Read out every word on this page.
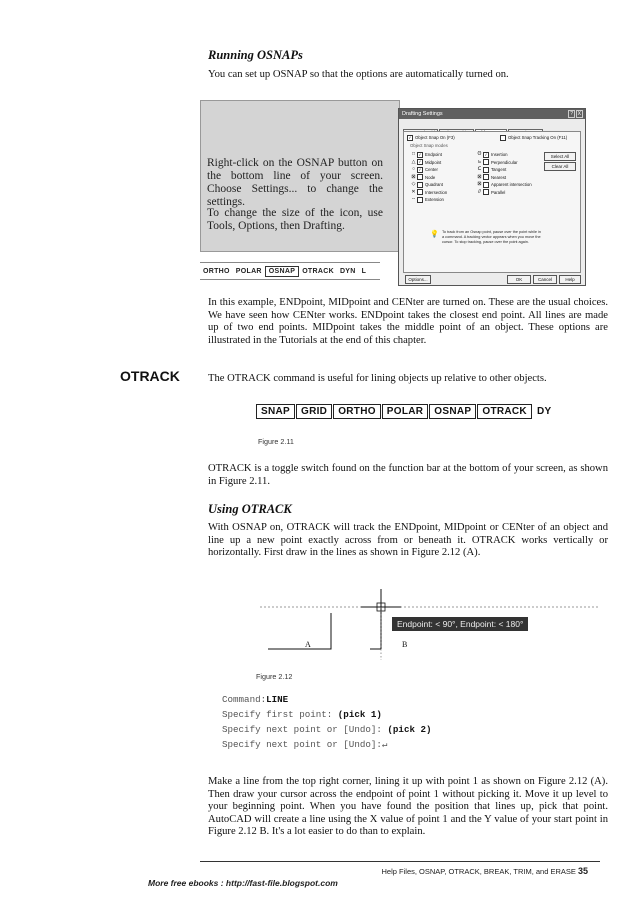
Running OSNAPs
You can set up OSNAP so that the options are automatically turned on.
Right-click on the OSNAP button on the bottom line of your screen. Choose Settings... to change the settings.
To change the size of the icon, use Tools, Options, then Drafting.
Drafting Settings	? X
✓ Object Snap On (F3)	Object Snap Tracking On (F11)
Object Snap modes
□ ✓ Endpoint
△ ✓ Midpoint
○ ✓ Center
⊠	Node
◇	Quadrant
✕	Intersection
--	Extension
ʘ ✓ Insertion
ь	Perpendicular
ᑕ	Tangent
⊠	Nearest
⊠	Apparent intersection
//	Parallel
Select All
Clear All
💡 To track from an Osnap point, pause over the point while in a command. A tracking vector appears when you move the cursor. To stop tracking, pause over the point again.
Options...	OK	Cancel	Help
ORTHO POLAR	OSNAP	OTRACK DYN L
In this example, ENDpoint, MIDpoint and CENter are turned on. These are the usual choices. We have seen how CENter works. ENDpoint takes the closest end point. All lines are made up of two end points. MIDpoint takes the middle point of an object. These options are illustrated in the Tutorials at the end of this chapter.
OTRACK	The OTRACK command is useful for lining objects up relative to other objects.
SNAP	GRID	ORTHO	POLAR	OSNAP	OTRACK	DY
Figure 2.11
OTRACK is a toggle switch found on the function bar at the bottom of your screen, as shown in Figure 2.11.
Using OTRACK
With OSNAP on, OTRACK will track the ENDpoint, MIDpoint or CENter of an object and line up a new point exactly across from or beneath it. OTRACK works vertically or horizontally. First draw in the lines as shown in Figure 2.12 (A).
Endpoint: < 90°, Endpoint: < 180°
A	B
Figure 2.12
Command:LINE
Specify first point: (pick 1)
Specify next point or [Undo]: (pick 2)
Specify next point or [Undo]:↵
Make a line from the top right corner, lining it up with point 1 as shown on Figure 2.12 (A). Then draw your cursor across the endpoint of point 1 without picking it. Move it up level to your beginning point. When you have found the position that lines up, pick that point. AutoCAD will create a line using the X value of point 1 and the Y value of your start point in Figure 2.12 B. It's a lot easier to do than to explain.
Help Files, OSNAP, OTRACK, BREAK, TRIM, and ERASE 35
More free ebooks : http://fast-file.blogspot.com
